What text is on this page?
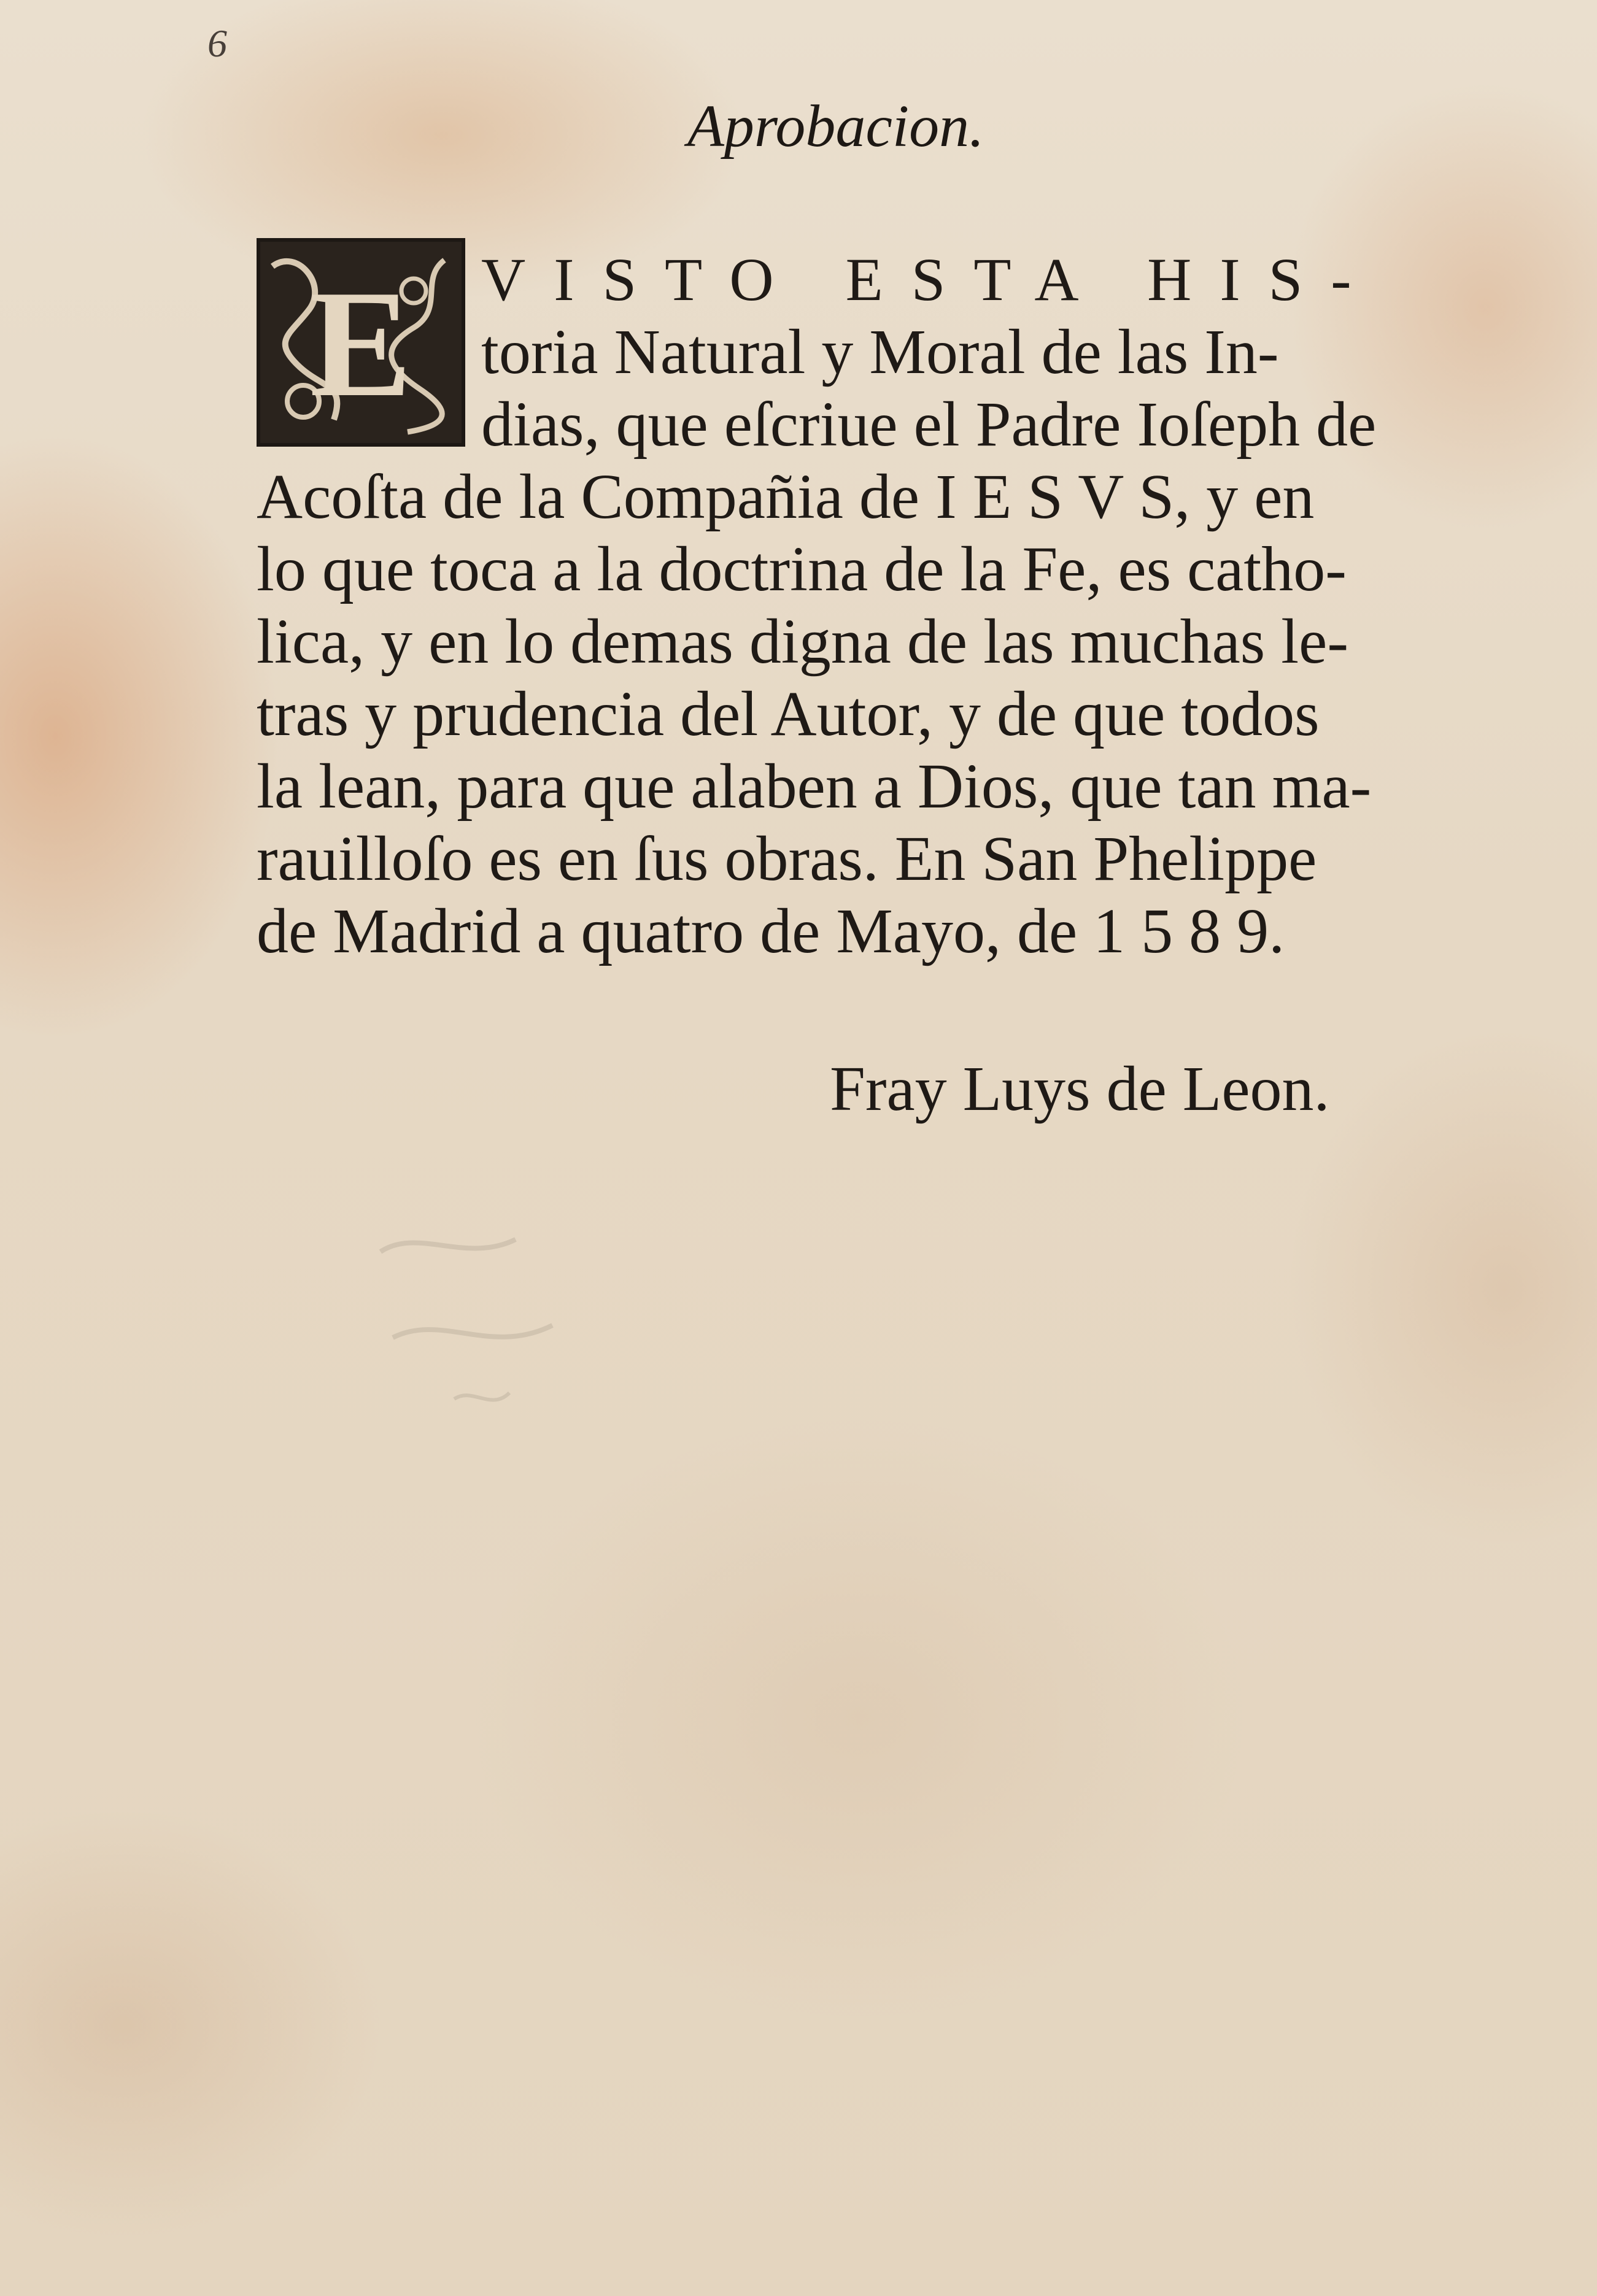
6
Aprobacion.
E VISTO ESTA HIS-
toria Natural y Moral de las In-
dias, que eſcriue el Padre Ioſeph de
Acoſta de la Compañia de I E S V S, y en
lo que toca a la doctrina de la Fe, es catho-
lica, y en lo demas digna de las muchas le-
tras y prudencia del Autor, y de que todos
la lean, para que alaben a Dios, que tan ma-
rauilloſo es en ſus obras. En San Phelippe
de Madrid a quatro de Mayo, de 1 5 8 9.
Fray Luys de Leon.
